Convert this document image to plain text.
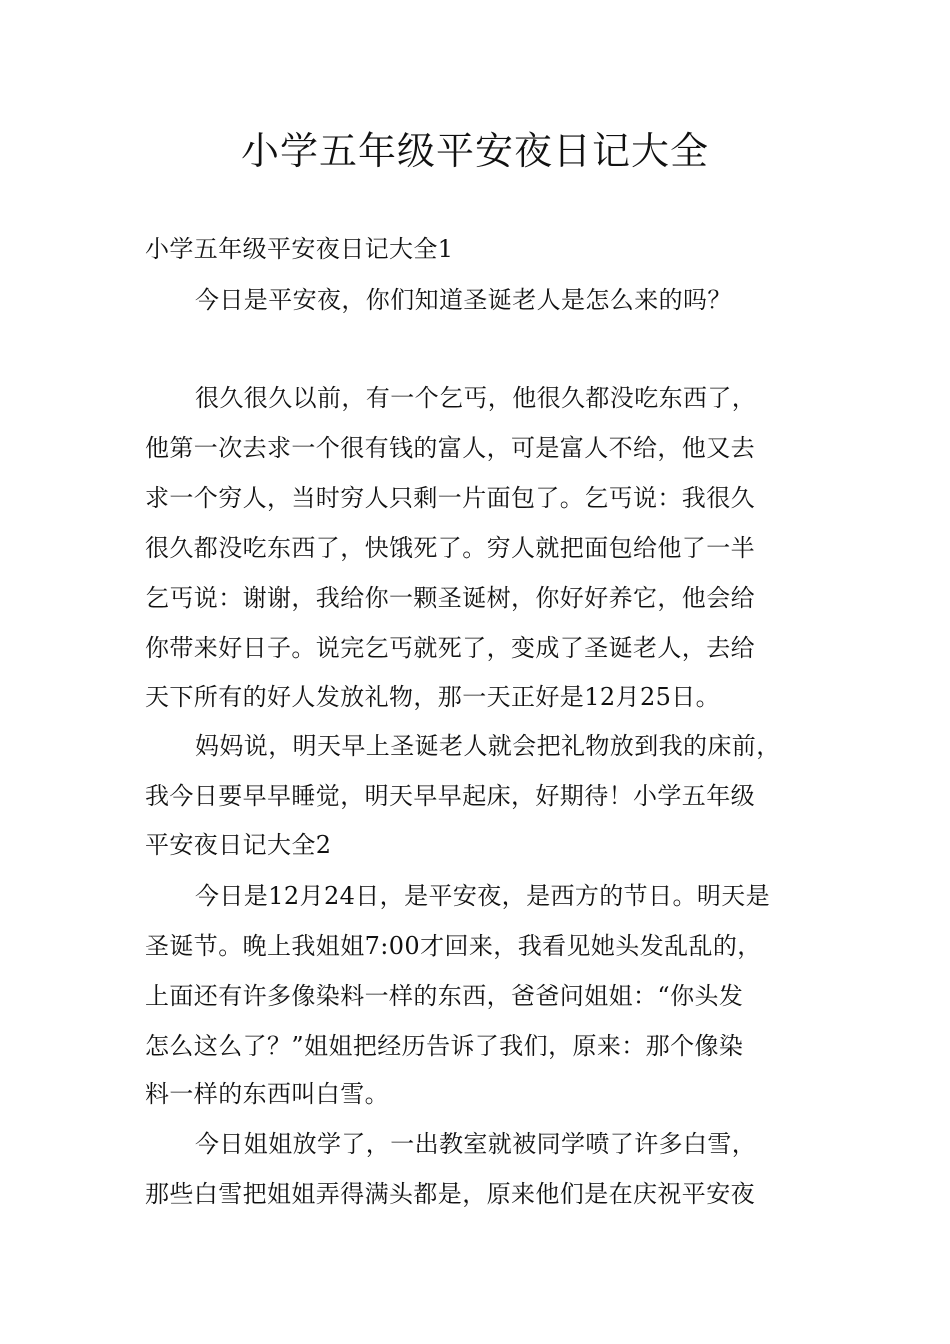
小学五年级平安夜日记大全
小学五年级平安夜日记大全1
今日是平安夜，你们知道圣诞老人是怎么来的吗？
很久很久以前，有一个乞丐，他很久都没吃东西了，
他第一次去求一个很有钱的富人，可是富人不给，他又去
求一个穷人，当时穷人只剩一片面包了。乞丐说：我很久
很久都没吃东西了，快饿死了。穷人就把面包给他了一半
乞丐说：谢谢，我给你一颗圣诞树，你好好养它，他会给
你带来好日子。说完乞丐就死了，变成了圣诞老人，去给
天下所有的好人发放礼物，那一天正好是12月25日。
妈妈说，明天早上圣诞老人就会把礼物放到我的床前，
我今日要早早睡觉，明天早早起床，好期待！小学五年级
平安夜日记大全2
今日是12月24日，是平安夜，是西方的节日。明天是
圣诞节。晚上我姐姐7:00才回来，我看见她头发乱乱的，
上面还有许多像染料一样的东西，爸爸问姐姐：“你头发
怎么这么了？”姐姐把经历告诉了我们，原来：那个像染
料一样的东西叫白雪。
今日姐姐放学了，一出教室就被同学喷了许多白雪，
那些白雪把姐姐弄得满头都是，原来他们是在庆祝平安夜
